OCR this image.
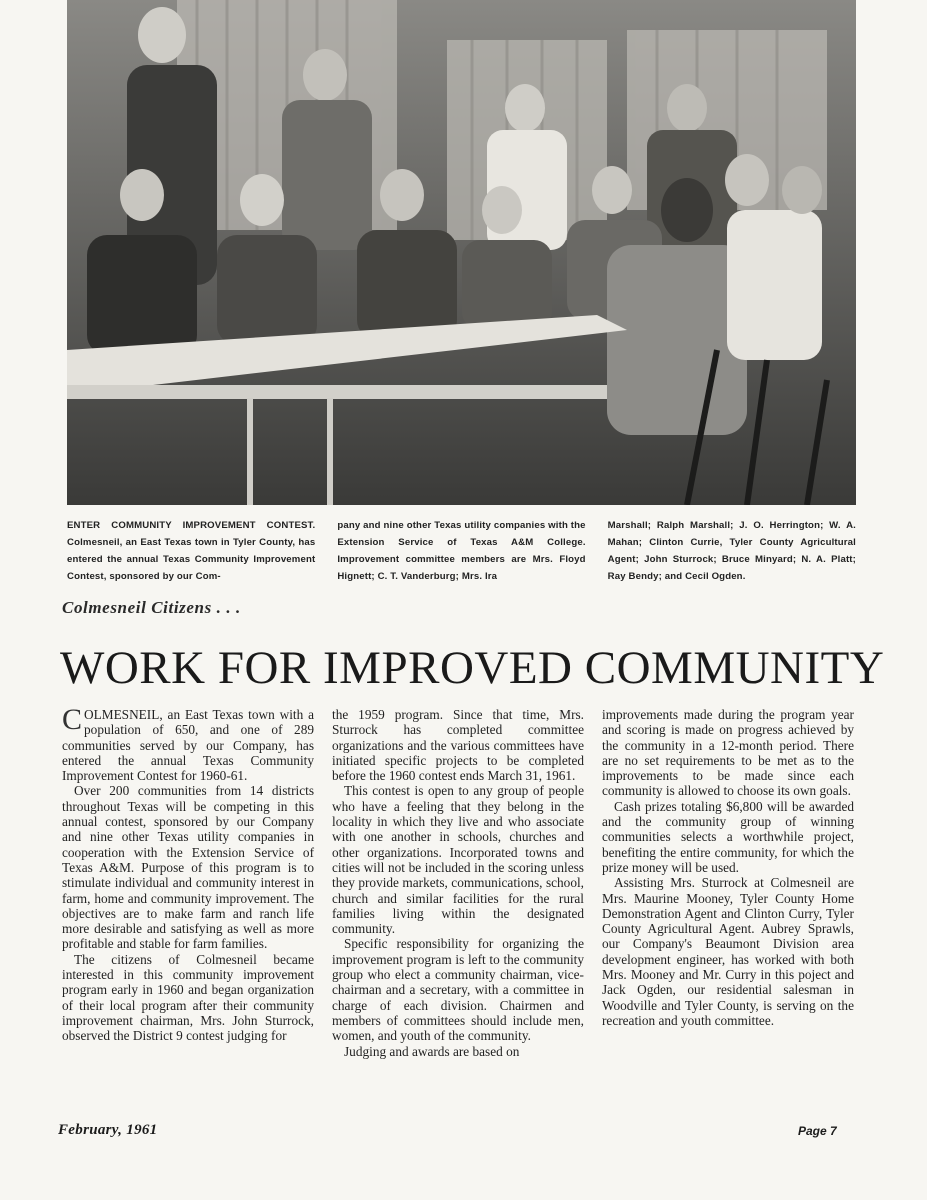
ENTER COMMUNITY IMPROVEMENT CONTEST. Colmesneil, an East Texas town in Tyler County, has entered the annual Texas Community Improvement Contest, sponsored by our Com-
pany and nine other Texas utility companies with the Extension Service of Texas A&M College. Improvement committee members are Mrs. Floyd Hignett; C. T. Vanderburg; Mrs. Ira
Marshall; Ralph Marshall; J. O. Herrington; W. A. Mahan; Clinton Currie, Tyler County Agricultural Agent; John Sturrock; Bruce Minyard; N. A. Platt; Ray Bendy; and Cecil Ogden.
Colmesneil Citizens . . .
WORK FOR IMPROVED COMMUNITY

COLMESNEIL, an East Texas town with a population of 650, and one of 289 communities served by our Company, has entered the annual Texas Community Improvement Contest for 1960-61.

Over 200 communities from 14 districts throughout Texas will be competing in this annual contest, sponsored by our Company and nine other Texas utility companies in cooperation with the Extension Service of Texas A&M. Purpose of this program is to stimulate individual and community interest in farm, home and community improvement. The objectives are to make farm and ranch life more desirable and satisfying as well as more profitable and stable for farm families.

The citizens of Colmesneil became interested in this community improvement program early in 1960 and began organization of their local program after their community improvement chairman, Mrs. John Sturrock, observed the District 9 contest judging for

the 1959 program. Since that time, Mrs. Sturrock has completed committee organizations and the various committees have initiated specific projects to be completed before the 1960 contest ends March 31, 1961.

This contest is open to any group of people who have a feeling that they belong in the locality in which they live and who associate with one another in schools, churches and other organizations. Incorporated towns and cities will not be included in the scoring unless they provide markets, communications, school, church and similar facilities for the rural families living within the designated community.

Specific responsibility for organizing the improvement program is left to the community group who elect a community chairman, vice-chairman and a secretary, with a committee in charge of each division. Chairmen and members of committees should include men, women, and youth of the community.

Judging and awards are based on

improvements made during the program year and scoring is made on progress achieved by the community in a 12-month period. There are no set requirements to be met as to the improvements to be made since each community is allowed to choose its own goals.

Cash prizes totaling $6,800 will be awarded and the community group of winning communities selects a worthwhile project, benefiting the entire community, for which the prize money will be used.

Assisting Mrs. Sturrock at Colmesneil are Mrs. Maurine Mooney, Tyler County Home Demonstration Agent and Clinton Curry, Tyler County Agricultural Agent. Aubrey Sprawls, our Company's Beaumont Division area development engineer, has worked with both Mrs. Mooney and Mr. Curry in this poject and Jack Ogden, our residential salesman in Woodville and Tyler County, is serving on the recreation and youth committee.

February, 1961	Page 7
